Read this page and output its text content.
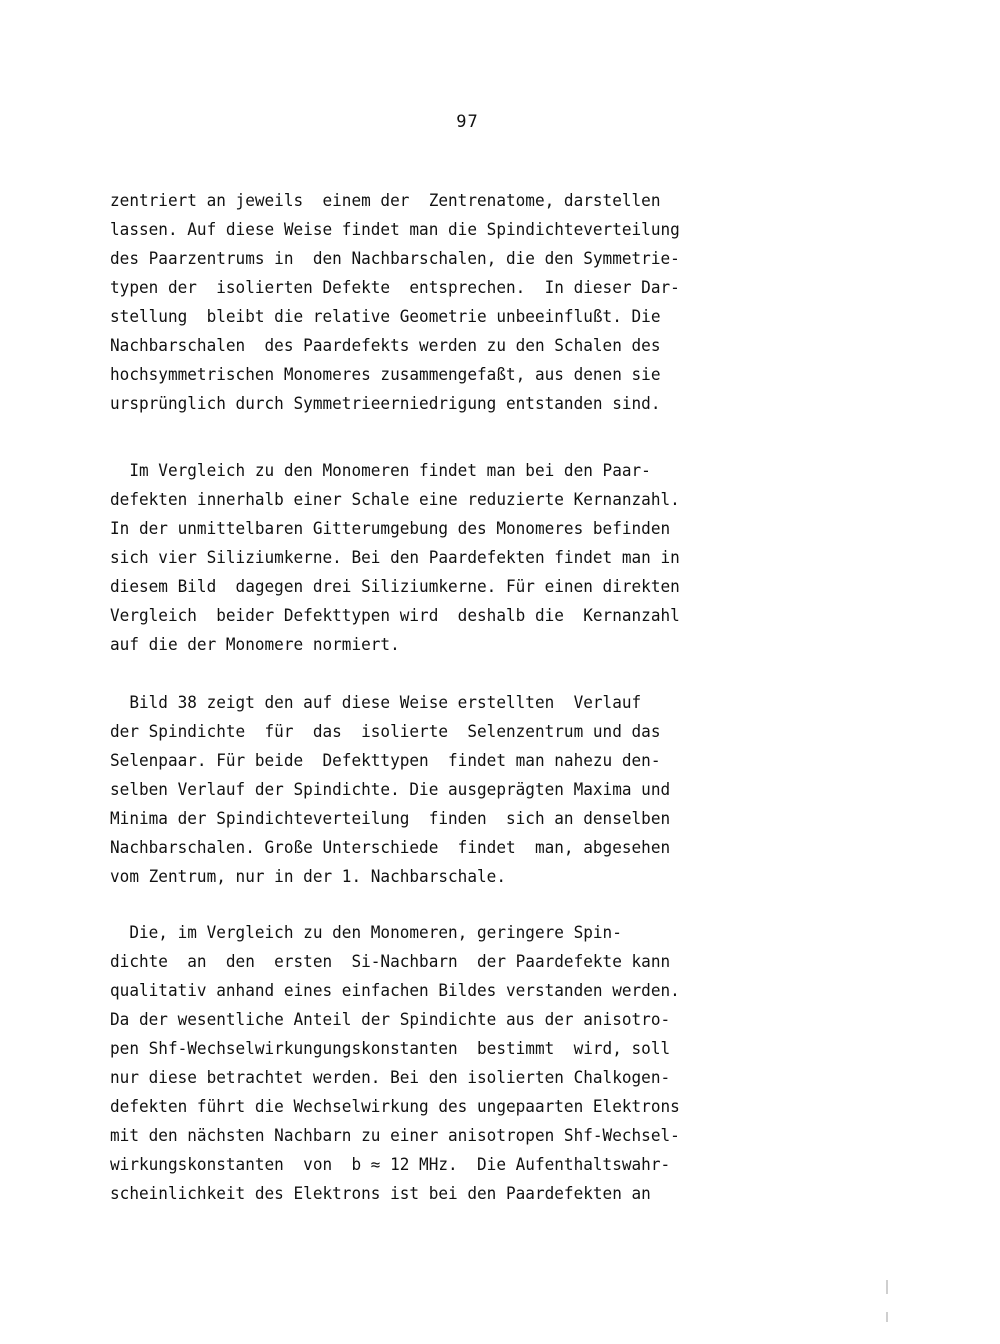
97
zentriert an jeweils  einem der  Zentrenatome, darstellen
lassen. Auf diese Weise findet man die Spindichteverteilung
des Paarzentrums in  den Nachbarschalen, die den Symmetrie-
typen der  isolierten Defekte  entsprechen.  In dieser Dar-
stellung  bleibt die relative Geometrie unbeeinflußt. Die
Nachbarschalen  des Paardefekts werden zu den Schalen des
hochsymmetrischen Monomeres zusammengefaßt, aus denen sie
ursprünglich durch Symmetrieerniedrigung entstanden sind.
Im Vergleich zu den Monomeren findet man bei den Paar-
defekten innerhalb einer Schale eine reduzierte Kernanzahl.
In der unmittelbaren Gitterumgebung des Monomeres befinden
sich vier Siliziumkerne. Bei den Paardefekten findet man in
diesem Bild  dagegen drei Siliziumkerne. Für einen direkten
Vergleich  beider Defekttypen wird  deshalb die  Kernanzahl
auf die der Monomere normiert.
Bild 38 zeigt den auf diese Weise erstellten  Verlauf
der Spindichte  für  das  isolierte  Selenzentrum und das
Selenpaar. Für beide  Defekttypen  findet man nahezu den-
selben Verlauf der Spindichte. Die ausgeprägten Maxima und
Minima der Spindichteverteilung  finden  sich an denselben
Nachbarschalen. Große Unterschiede  findet  man, abgesehen
vom Zentrum, nur in der 1. Nachbarschale.
Die, im Vergleich zu den Monomeren, geringere Spin-
dichte  an  den  ersten  Si-Nachbarn  der Paardefekte kann
qualitativ anhand eines einfachen Bildes verstanden werden.
Da der wesentliche Anteil der Spindichte aus der anisotro-
pen Shf-Wechselwirkungungskonstanten  bestimmt  wird, soll
nur diese betrachtet werden. Bei den isolierten Chalkogen-
defekten führt die Wechselwirkung des ungepaarten Elektrons
mit den nächsten Nachbarn zu einer anisotropen Shf-Wechsel-
wirkungskonstanten  von  b ≈ 12 MHz.  Die Aufenthaltswahr-
scheinlichkeit des Elektrons ist bei den Paardefekten an
